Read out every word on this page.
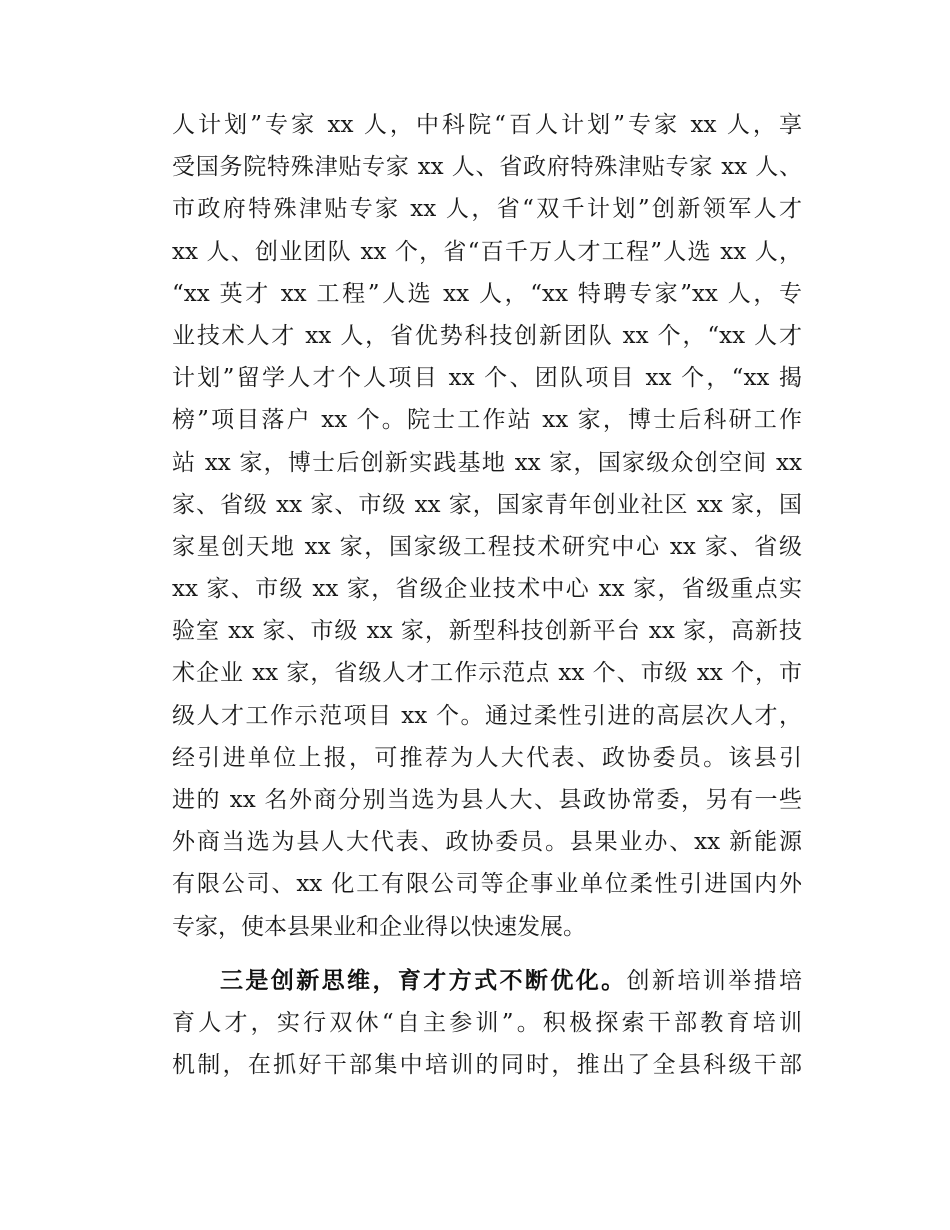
人计划”专家 xx 人，中科院“百人计划”专家 xx 人，享
受国务院特殊津贴专家 xx 人、省政府特殊津贴专家 xx 人、
市政府特殊津贴专家 xx 人，省“双千计划”创新领军人才
xx 人、创业团队 xx 个，省“百千万人才工程”人选 xx 人，
“xx 英才 xx 工程”人选 xx 人，“xx 特聘专家”xx 人，专
业技术人才 xx 人，省优势科技创新团队 xx 个，“xx 人才
计划”留学人才个人项目 xx 个、团队项目 xx 个，“xx 揭
榜”项目落户 xx 个。院士工作站 xx 家，博士后科研工作
站 xx 家，博士后创新实践基地 xx 家，国家级众创空间 xx
家、省级 xx 家、市级 xx 家，国家青年创业社区 xx 家，国
家星创天地 xx 家，国家级工程技术研究中心 xx 家、省级
xx 家、市级 xx 家，省级企业技术中心 xx 家，省级重点实
验室 xx 家、市级 xx 家，新型科技创新平台 xx 家，高新技
术企业 xx 家，省级人才工作示范点 xx 个、市级 xx 个，市
级人才工作示范项目 xx 个。通过柔性引进的高层次人才，
经引进单位上报，可推荐为人大代表、政协委员。该县引
进的 xx 名外商分别当选为县人大、县政协常委，另有一些
外商当选为县人大代表、政协委员。县果业办、xx 新能源
有限公司、xx 化工有限公司等企事业单位柔性引进国内外
专家，使本县果业和企业得以快速发展。
三是创新思维，育才方式不断优化。创新培训举措培
育人才，实行双休“自主参训”。积极探索干部教育培训
机制，在抓好干部集中培训的同时，推出了全县科级干部
